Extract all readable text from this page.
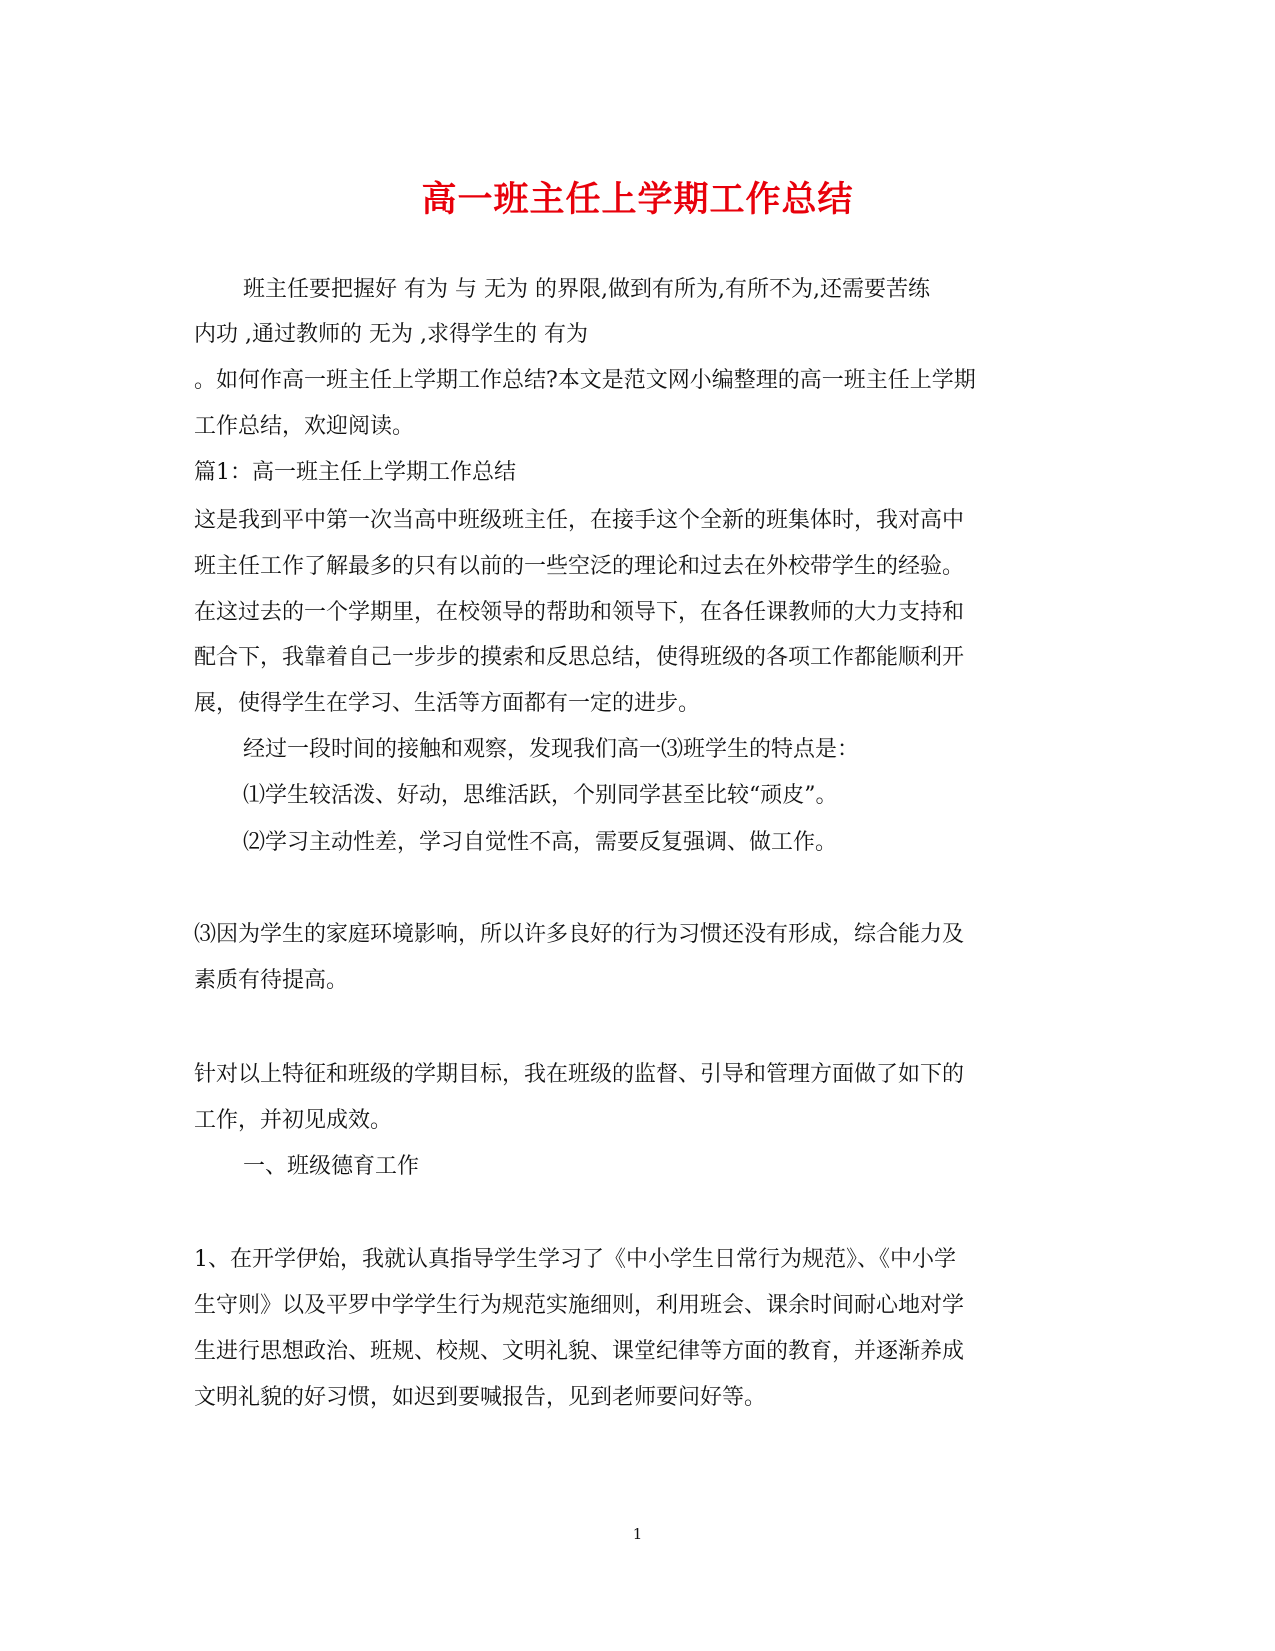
高一班主任上学期工作总结
班主任要把握好 有为 与 无为 的界限,做到有所为,有所不为,还需要苦练
内功 ,通过教师的 无为 ,求得学生的 有为
。如何作高一班主任上学期工作总结?本文是范文网小编整理的高一班主任上学期
工作总结，欢迎阅读。
篇1：高一班主任上学期工作总结
这是我到平中第一次当高中班级班主任，在接手这个全新的班集体时，我对高中
班主任工作了解最多的只有以前的一些空泛的理论和过去在外校带学生的经验。
在这过去的一个学期里，在校领导的帮助和领导下，在各任课教师的大力支持和
配合下，我靠着自己一步步的摸索和反思总结，使得班级的各项工作都能顺利开
展，使得学生在学习、生活等方面都有一定的进步。
经过一段时间的接触和观察，发现我们高一⑶班学生的特点是：
⑴学生较活泼、好动，思维活跃，个别同学甚至比较“顽皮”。
⑵学习主动性差，学习自觉性不高，需要反复强调、做工作。
⑶因为学生的家庭环境影响，所以许多良好的行为习惯还没有形成，综合能力及
素质有待提高。
针对以上特征和班级的学期目标，我在班级的监督、引导和管理方面做了如下的
工作，并初见成效。
一、班级德育工作
1、在开学伊始，我就认真指导学生学习了《中小学生日常行为规范》、《中小学
生守则》以及平罗中学学生行为规范实施细则，利用班会、课余时间耐心地对学
生进行思想政治、班规、校规、文明礼貌、课堂纪律等方面的教育，并逐渐养成
文明礼貌的好习惯，如迟到要喊报告，见到老师要问好等。
1
